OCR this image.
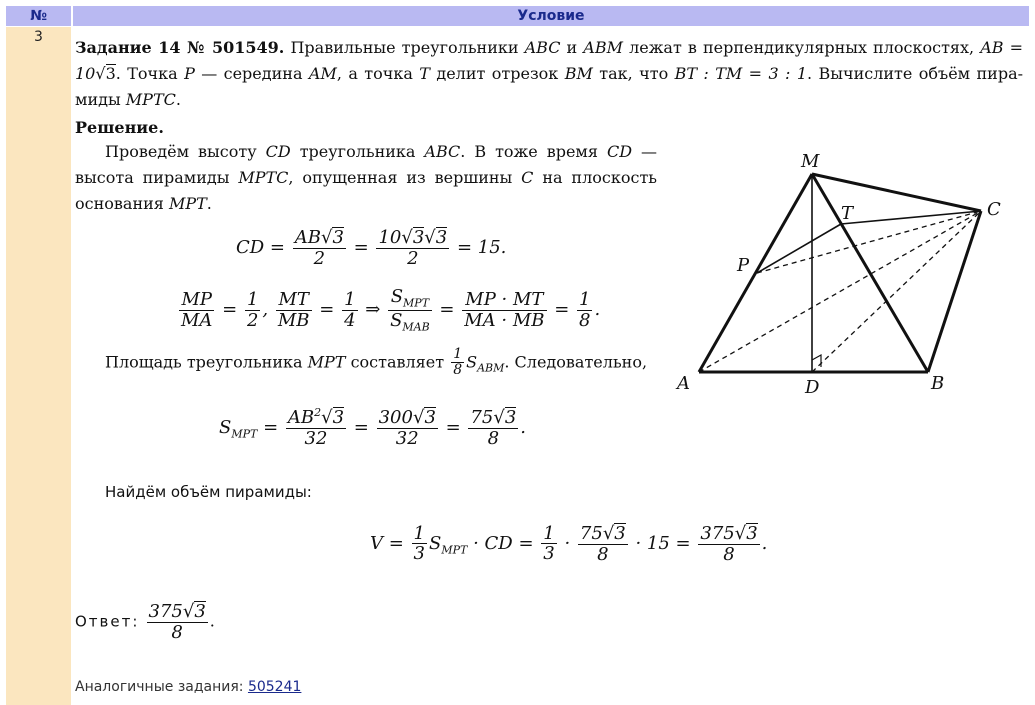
№	Условие
3
Задание 14 № 501549. Правильные треугольники ABC и ABM лежат в перпендикулярных плоскостях, AB = 10√3. Точка P — середина AM, а точка T делит отрезок BM так, что BT : TM = 3 : 1. Вычислите объём пира- миды MPTC.
Решение.
Проведём высоту CD треугольника ABC. В тоже время CD — высота пирамиды MPTC, опущенная из вершины C на плоскость основания MPT.
CD = $\frac{AB√3}{2} = \frac{10√3√3}{2} = 15$.
$\frac{MP}{MA} = \frac{1}{2}$ , $\frac{MT}{MB} = \frac{1}{4}$ ⇒ $\frac{S_{MPT}}{S_{MAB}} = \frac{MP \cdot MT}{MA \cdot MB} = \frac{1}{8}$ .
Площадь треугольника MPT составляет $\frac{1}{8} S_{ABM}$. Следовательно,
$S_{MPT} = \frac{AB^2√3}{32} = \frac{300√3}{32} = \frac{75√3}{8}$ .
Найдём объём пирамиды:
$V = \frac{1}{3} S_{MPT}$ · CD = $\frac{1}{3} \cdot \frac{75√3}{8} \cdot 15 = \frac{375√3}{8}$ .
Ответ: $\frac{375√3}{8}$ .
Аналогичные задания: 505241
M
T	C
P
A	D	B
